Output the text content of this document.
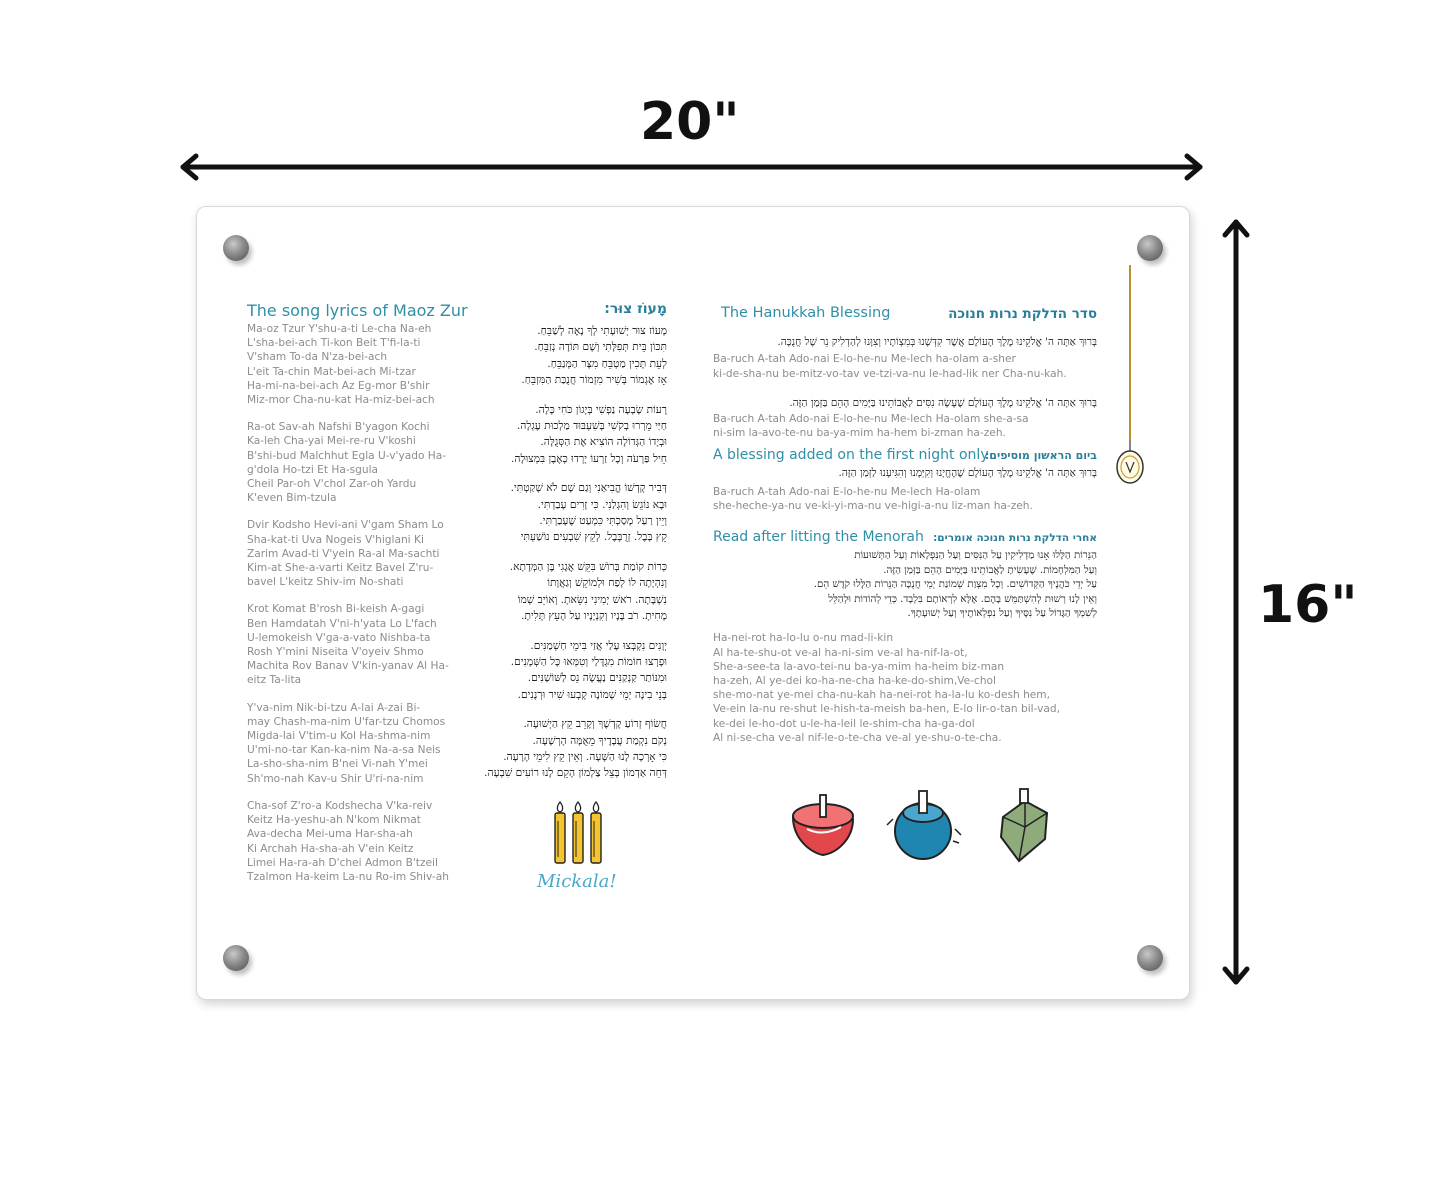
20"
16"
The song lyrics of Maoz Zur
Ma-oz Tzur Y'shu-a-ti Le-cha Na-eh
L'sha-bei-ach Ti-kon Beit T'fi-la-ti
V'sham To-da N'za-bei-ach
L'eit Ta-chin Mat-bei-ach Mi-tzar
Ha-mi-na-bei-ach Az Eg-mor B'shir
Miz-mor Cha-nu-kat Ha-miz-bei-ach
Ra-ot Sav-ah Nafshi B'yagon Kochi
Ka-leh Cha-yai Mei-re-ru V'koshi
B'shi-bud Malchhut Egla U-v'yado Ha-
g'dola Ho-tzi Et Ha-sgula
Cheil Par-oh V'chol Zar-oh Yardu
K'even Bim-tzula
Dvir Kodsho Hevi-ani V'gam Sham Lo
Sha-kat-ti Uva Nogeis V'higlani Ki
Zarim Avad-ti V'yein Ra-al Ma-sachti
Kim-at She-a-varti Keitz Bavel Z'ru-
bavel L'keitz Shiv-im No-shati
Krot Komat B'rosh Bi-keish A-gagi
Ben Hamdatah V'ni-h'yata Lo L'fach
U-lemokeish V'ga-a-vato Nishba-ta
Rosh Y'mini Niseita V'oyeiv Shmo
Machita Rov Banav V'kin-yanav Al Ha-
eitz Ta-lita
Y'va-nim Nik-bi-tzu A-lai A-zai Bi-
may Chash-ma-nim U'far-tzu Chomos
Migda-lai V'tim-u Kol Ha-shma-nim
U'mi-no-tar Kan-ka-nim Na-a-sa Neis
La-sho-sha-nim B'nei Vi-nah Y'mei
Sh'mo-nah Kav-u Shir U'ri-na-nim
Cha-sof Z'ro-a Kodshecha V'ka-reiv
Keitz Ha-yeshu-ah N'kom Nikmat
Ava-decha Mei-uma Har-sha-ah
Ki Archah Ha-sha-ah V'ein Keitz
Limei Ha-ra-ah D'chei Admon B'tzeil
Tzalmon Ha-keim La-nu Ro-im Shiv-ah
מָעוֹז צוּר:
מָעוֹז צוּר יְשׁוּעָתִי לְךָ נָאֶה לְשַׁבֵּחַ.
תִּכּוֹן בֵּית תְּפִלָּתִי וְשָׁם תּוֹדָה נְזַבֵּחַ.
לְעֵת תָּכִין מַטְבֵּחַ מִצָּר הַמְּנַבֵּחַ.
אָז אֶגְמוֹר בְּשִׁיר מִזְמוֹר חֲנֻכַּת הַמִּזְבֵּחַ.
רָעוֹת שָׂבְעָה נַפְשִׁי בְּיָגוֹן כֹּחִי כָּלָה.
חַיַּי מֵרְרוּ בְקֹשִׁי בְּשִׁעְבּוּד מַלְכוּת עֶגְלָה.
וּבְיָדוֹ הַגְּדוֹלָה הוֹצִיא אֶת הַסְּגֻלָּה.
חֵיל פַּרְעֹה וְכָל זַרְעוֹ יָרְדוּ כְּאֶבֶן בִּמְצוּלָה.
דְּבִיר קָדְשׁוֹ הֱבִיאַנִי וְגַם שָׁם לֹא שָׁקַטְתִּי.
וּבָא נוֹגֵשׂ וְהִגְלַנִי. כִּי זָרִים עָבַדְתִּי.
וְיֵין רַעַל מָסַכְתִּי כִּמְעַט שֶׁעָבַרְתִּי.
קֵץ בָּבֶל. זְרֻבָּבֶל. לְקֵץ שִׁבְעִים נוֹשַׁעְתִּי
כְּרוֹת קוֹמַת בְּרוֹשׁ בִּקֵּשׁ אֲגָגִי בֶּן הַמְּדָתָא.
וְנִהְיָתָה לוֹ לְפַח וּלְמוֹקֵשׁ וְגַאֲוָתוֹ
נִשְׁבָּתָה. רֹאשׁ יְמִינִי נִשֵּׂאתָ. וְאוֹיֵב שְׁמוֹ
מָחִיתָ. רֹב בָּנָיו וְקִנְיָנָיו עַל הָעֵץ תָּלִיתָ.
יְוָנִים נִקְבְּצוּ עָלַי אֲזַי בִּימֵי חַשְׁמַנִּים.
וּפָרְצוּ חוֹמוֹת מִגְדָּלַי וְטִמְּאוּ כָּל הַשְּׁמָנִים.
וּמִנּוֹתַר קַנְקַנִּים נַעֲשָׂה נֵס לַשּׁוֹשַׁנִּים.
בְּנֵי בִינָה יְמֵי שְׁמוֹנָה קָבְעוּ שִׁיר וּרְנָנִים.
חֲשׂוֹף זְרוֹעַ קָדְשֶׁךָ וְקָרֵב קֵץ הַיְשׁוּעָה.
נְקֹם נִקְמַת עֲבָדֶיךָ מֵאֻמָּה הָרְשָׁעָה.
כִּי אָרְכָה לָנוּ הַשָּׁעָה. וְאֵין קֵץ לִימֵי הָרָעָה.
דְּחֵה אַדְמוֹן בְּצֵל צַלְמוֹן הָקֵם לָנוּ רוֹעִים שִׁבְעָה.
Mickala!
The Hanukkah Blessing	סדר הדלקת נרות חנוכה
בָּרוּךְ אַתָּה ה' אֱלֹקֵינוּ מֶלֶךְ הָעוֹלָם אֲשֶׁר קִדְּשָׁנוּ בְּמִצְוֹתָיו וְצִוָּנוּ לְהַדְלִיק נֵר שֶׁל חֲנֻכָּה.
Ba-ruch A-tah Ado-nai E-lo-he-nu Me-lech ha-olam a-sher
ki-de-sha-nu be-mitz-vo-tav ve-tzi-va-nu le-had-lik ner Cha-nu-kah.
בָּרוּךְ אַתָּה ה' אֱלֹקֵינוּ מֶלֶךְ הָעוֹלָם שֶׁעָשָׂה נִסִּים לַאֲבוֹתֵינוּ בַּיָּמִים הָהֵם בַּזְּמַן הַזֶּה.
Ba-ruch A-tah Ado-nai E-lo-he-nu Me-lech Ha-olam she-a-sa
ni-sim la-avo-te-nu ba-ya-mim ha-hem bi-zman ha-zeh.
A blessing added on the first night only
ביום הראשון מוסיפים:
בָּרוּךְ אַתָּה ה' אֱלֹקֵינוּ מֶלֶךְ הָעוֹלָם שֶׁהֶחֱיָנוּ וְקִיְּמָנוּ וְהִגִּיעָנוּ לַזְּמַן הַזֶּה.
Ba-ruch A-tah Ado-nai E-lo-he-nu Me-lech Ha-olam
she-heche-ya-nu ve-ki-yi-ma-nu ve-higi-a-nu liz-man ha-zeh.
Read after litting the Menorah אחרי הדלקת נרות חנוכה אומרים:
הַנֵּרוֹת הַלָּלוּ אָנוּ מַדְלִיקִין עַל הַנִּסִּים וְעַל הַנִּפְלָאוֹת וְעַל הַתְּשׁוּעוֹת
וְעַל הַמִּלְחָמוֹת. שֶׁעָשִׂיתָ לַאֲבוֹתֵינוּ בַּיָּמִים הָהֵם בַּזְּמַן הַזֶּה.
עַל יְדֵי כֹּהֲנֶיךָ הַקְּדוֹשִׁים. וְכָל מִצְוַת שְׁמוֹנַת יְמֵי חֲנֻכָּה הַנֵּרוֹת הַלָּלוּ קֹדֶשׁ הֵם.
וְאֵין לָנוּ רְשׁוּת לְהִשְׁתַּמֵּשׁ בָּהֶם. אֶלָּא לִרְאוֹתָם בִּלְבָד. כְּדֵי לְהוֹדוֹת וּלְהַלֵּל
לְשִׁמְךָ הַגָּדוֹל עַל נִסֶּיךָ וְעַל נִפְלְאוֹתֶיךָ וְעַל יְשׁוּעָתֶךָ.
Ha-nei-rot ha-lo-lu o-nu mad-li-kin
Al ha-te-shu-ot ve-al ha-ni-sim ve-al ha-nif-la-ot,
She-a-see-ta la-avo-tei-nu ba-ya-mim ha-heim biz-man
ha-zeh, Al ye-dei ko-ha-ne-cha ha-ke-do-shim,Ve-chol
she-mo-nat ye-mei cha-nu-kah ha-nei-rot ha-la-lu ko-desh hem,
Ve-ein la-nu re-shut le-hish-ta-meish ba-hen, E-lo lir-o-tan bil-vad,
ke-dei le-ho-dot u-le-ha-leil le-shim-cha ha-ga-dol
Al ni-se-cha ve-al nif-le-o-te-cha ve-al ye-shu-o-te-cha.
